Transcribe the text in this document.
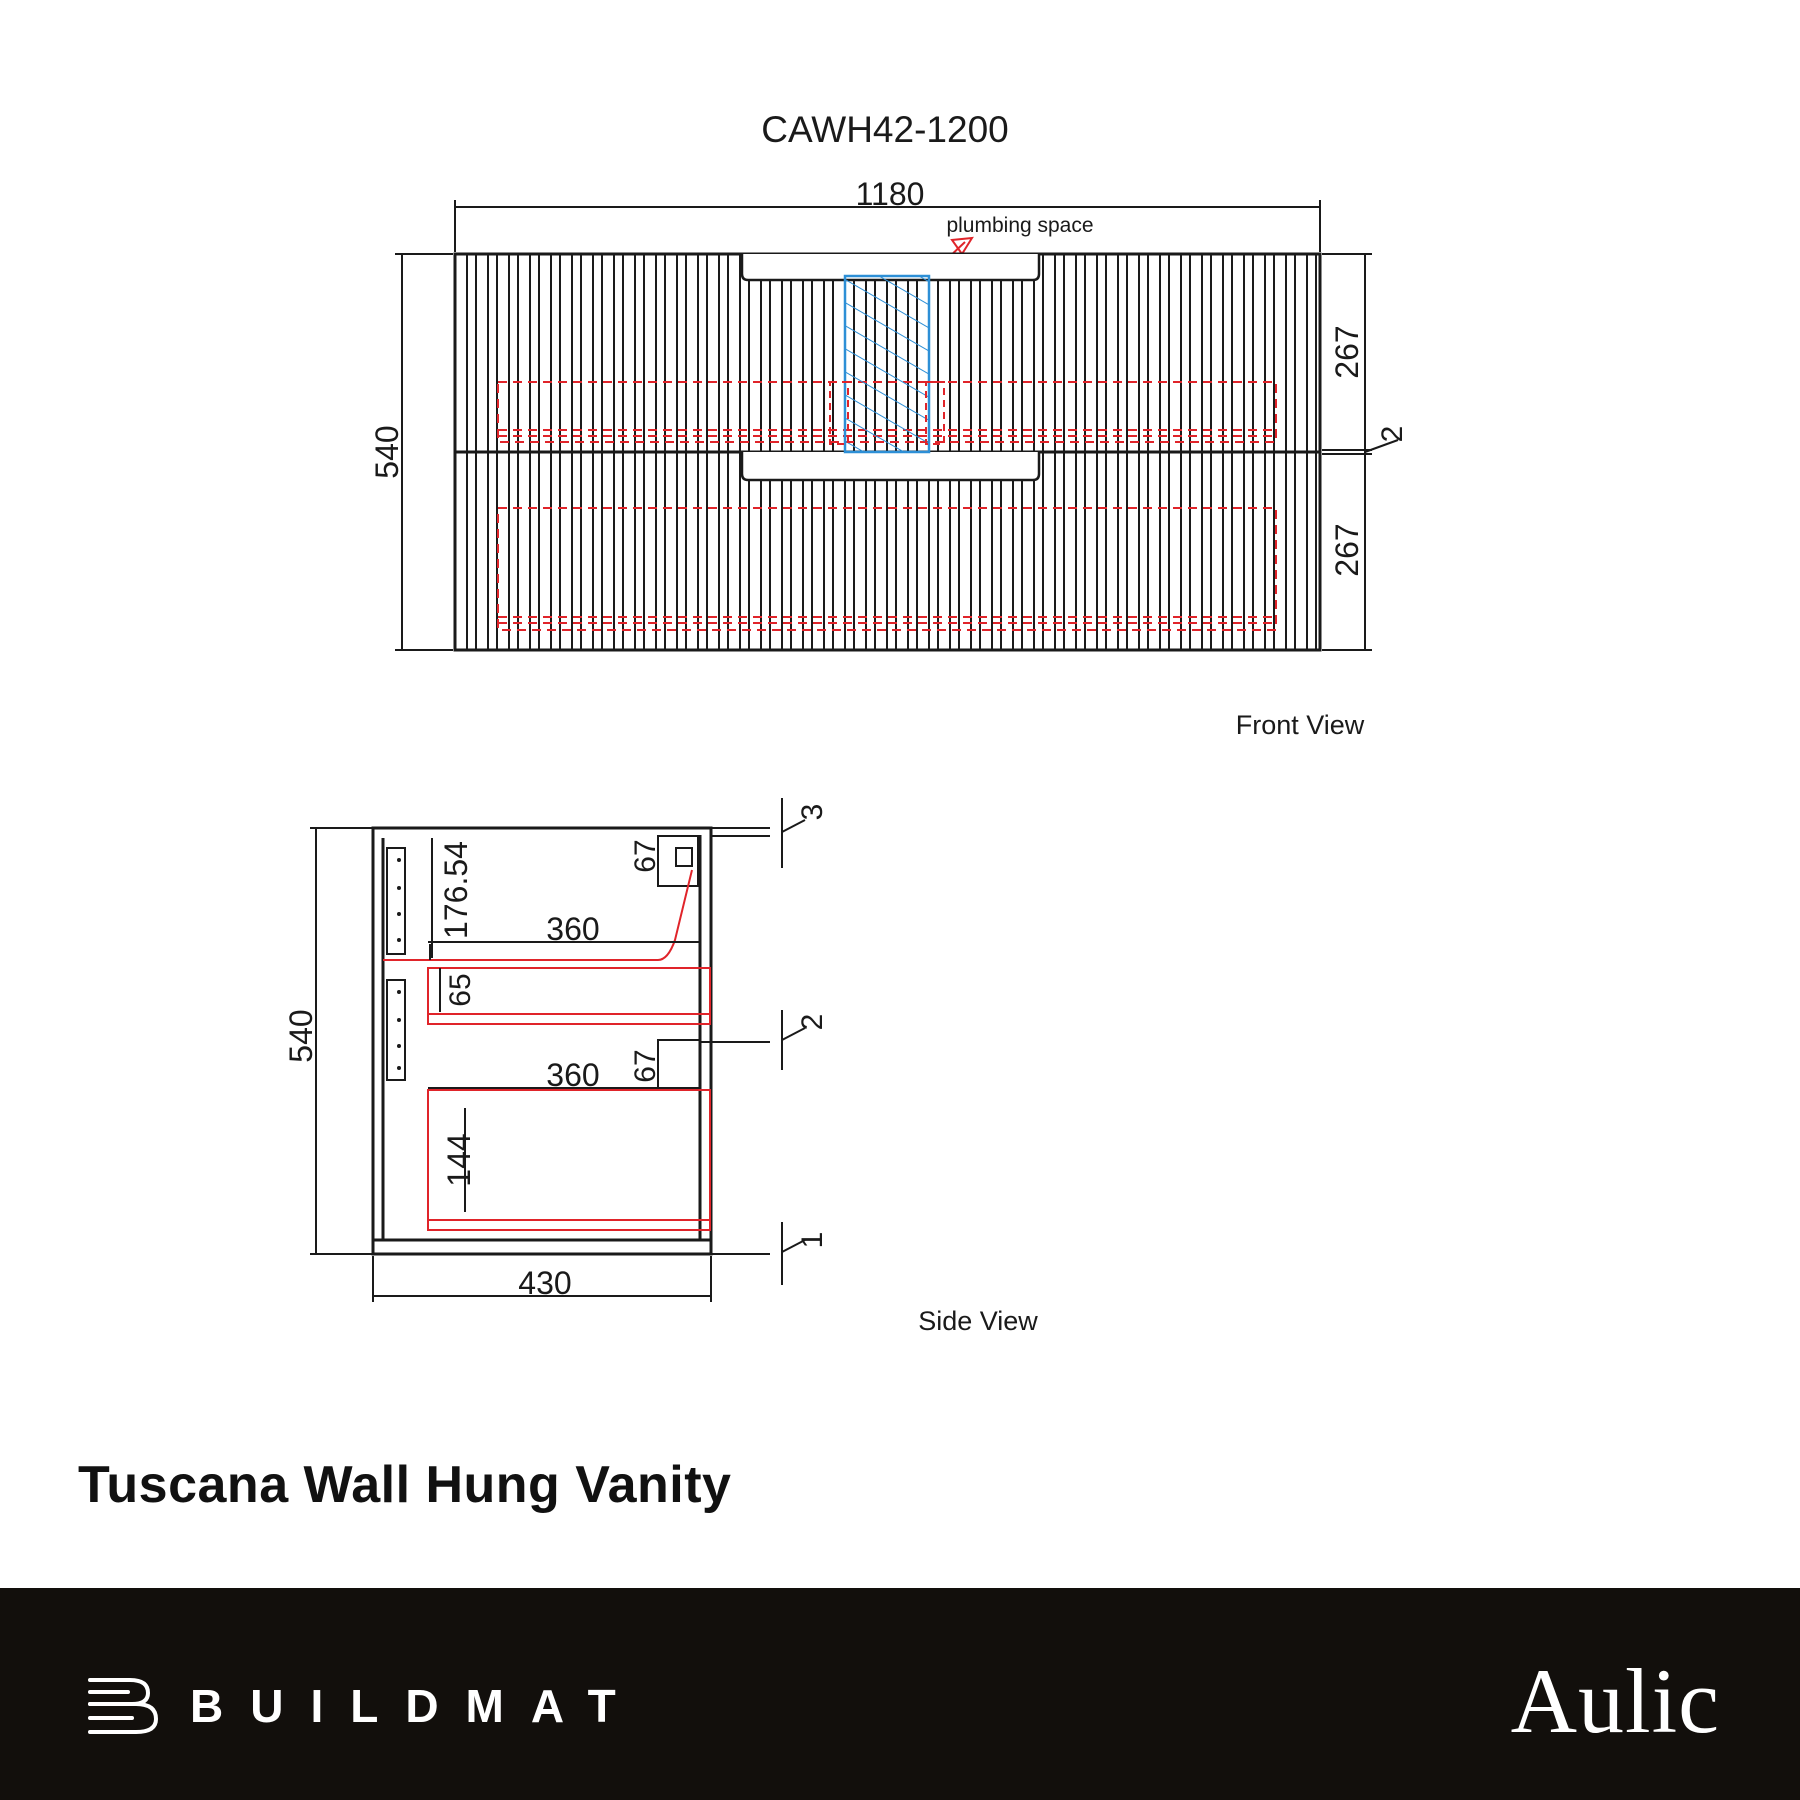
CAWH42-1200
1180
plumbing space
540
267
2
267
Front View
176.54 360
65
360
144
67
67
540
430
3
2
1
Side View
Tuscana Wall Hung Vanity
BUILDMAT	Aulic
